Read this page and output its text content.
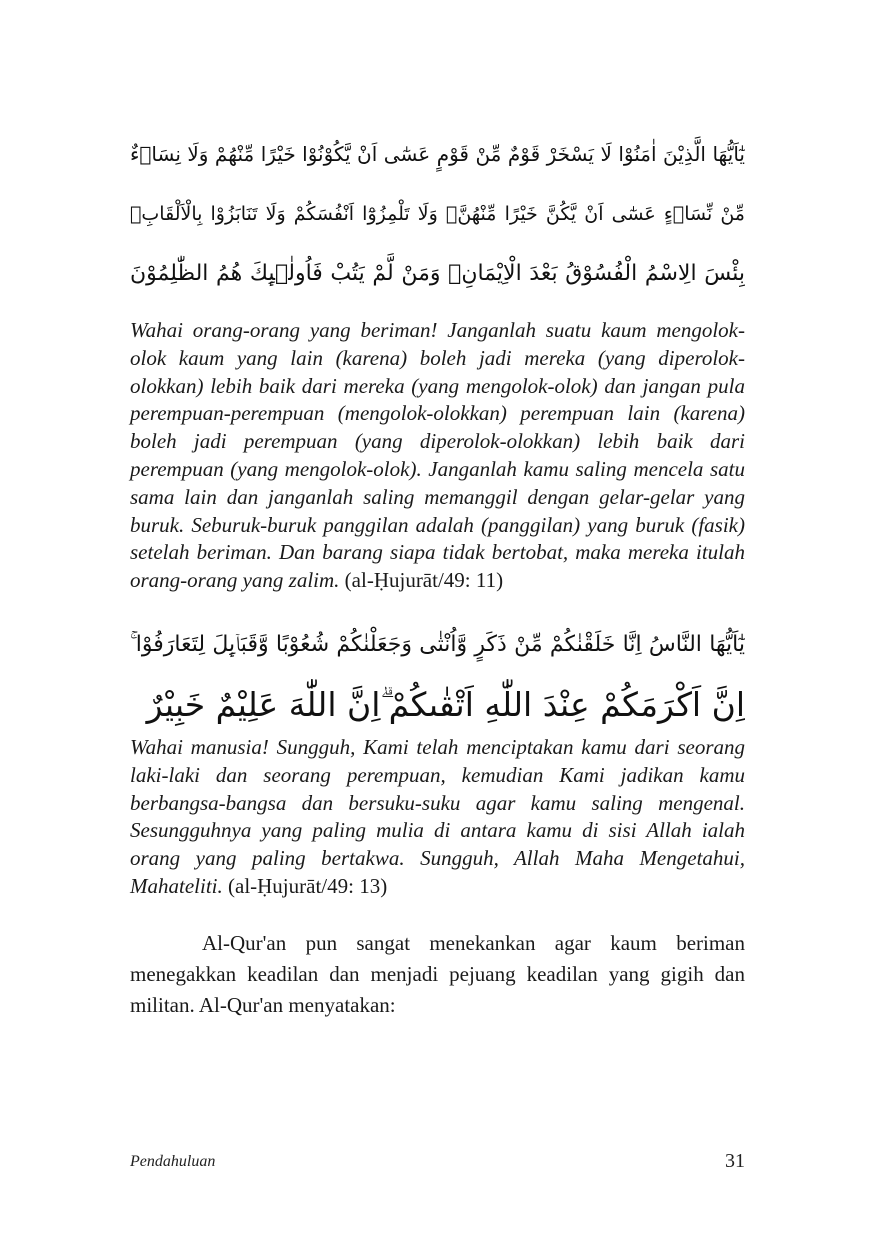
يٰٓاَيُّهَا الَّذِيْنَ اٰمَنُوْا لَا يَسْخَرْ قَوْمٌ مِّنْ قَوْمٍ عَسٰٓى اَنْ يَّكُوْنُوْا خَيْرًا مِّنْهُمْ وَلَا نِسَاۤءٌ
مِّنْ نِّسَاۤءٍ عَسٰٓى اَنْ يَّكُنَّ خَيْرًا مِّنْهُنَّۚ وَلَا تَلْمِزُوْٓا اَنْفُسَكُمْ وَلَا تَنَابَزُوْا بِالْاَلْقَابِۗ
بِئْسَ الِاسْمُ الْفُسُوْقُ بَعْدَ الْاِيْمَانِۚ وَمَنْ لَّمْ يَتُبْ فَاُولٰۤىِٕكَ هُمُ الظّٰلِمُوْنَ

Wahai orang-orang yang beriman! Janganlah suatu kaum mengolok-olok kaum yang lain (karena) boleh jadi mereka (yang diperolok-olokkan) lebih baik dari mereka (yang mengolok-olok) dan jangan pula perempuan-perempuan (mengolok-olokkan) perempuan lain (karena) boleh jadi perempuan (yang diperolok-olokkan) lebih baik dari perempuan (yang mengolok-olok). Janganlah kamu saling mencela satu sama lain dan janganlah saling memanggil dengan gelar-gelar yang buruk. Seburuk-buruk panggilan adalah (panggilan) yang buruk (fasik) setelah beriman. Dan barang siapa tidak bertobat, maka mereka itulah orang-orang yang zalim. (al-Ḥujurāt/49: 11)

يٰٓاَيُّهَا النَّاسُ اِنَّا خَلَقْنٰكُمْ مِّنْ ذَكَرٍ وَّاُنْثٰى وَجَعَلْنٰكُمْ شُعُوْبًا وَّقَبَاۤىِٕلَ لِتَعَارَفُوْا ۚ
اِنَّ اَكْرَمَكُمْ عِنْدَ اللّٰهِ اَتْقٰىكُمْ ۗاِنَّ اللّٰهَ عَلِيْمٌ خَبِيْرٌ

Wahai manusia! Sungguh, Kami telah menciptakan kamu dari seorang laki-laki dan seorang perempuan, kemudian Kami jadikan kamu berbangsa-bangsa dan bersuku-suku agar kamu saling mengenal. Sesungguhnya yang paling mulia di antara kamu di sisi Allah ialah orang yang paling bertakwa. Sungguh, Allah Maha Mengetahui, Mahateliti. (al-Ḥujurāt/49: 13)

Al-Qur'an pun sangat menekankan agar kaum beriman menegakkan keadilan dan menjadi pejuang keadilan yang gigih dan militan. Al-Qur'an menyatakan:

Pendahuluan	31
